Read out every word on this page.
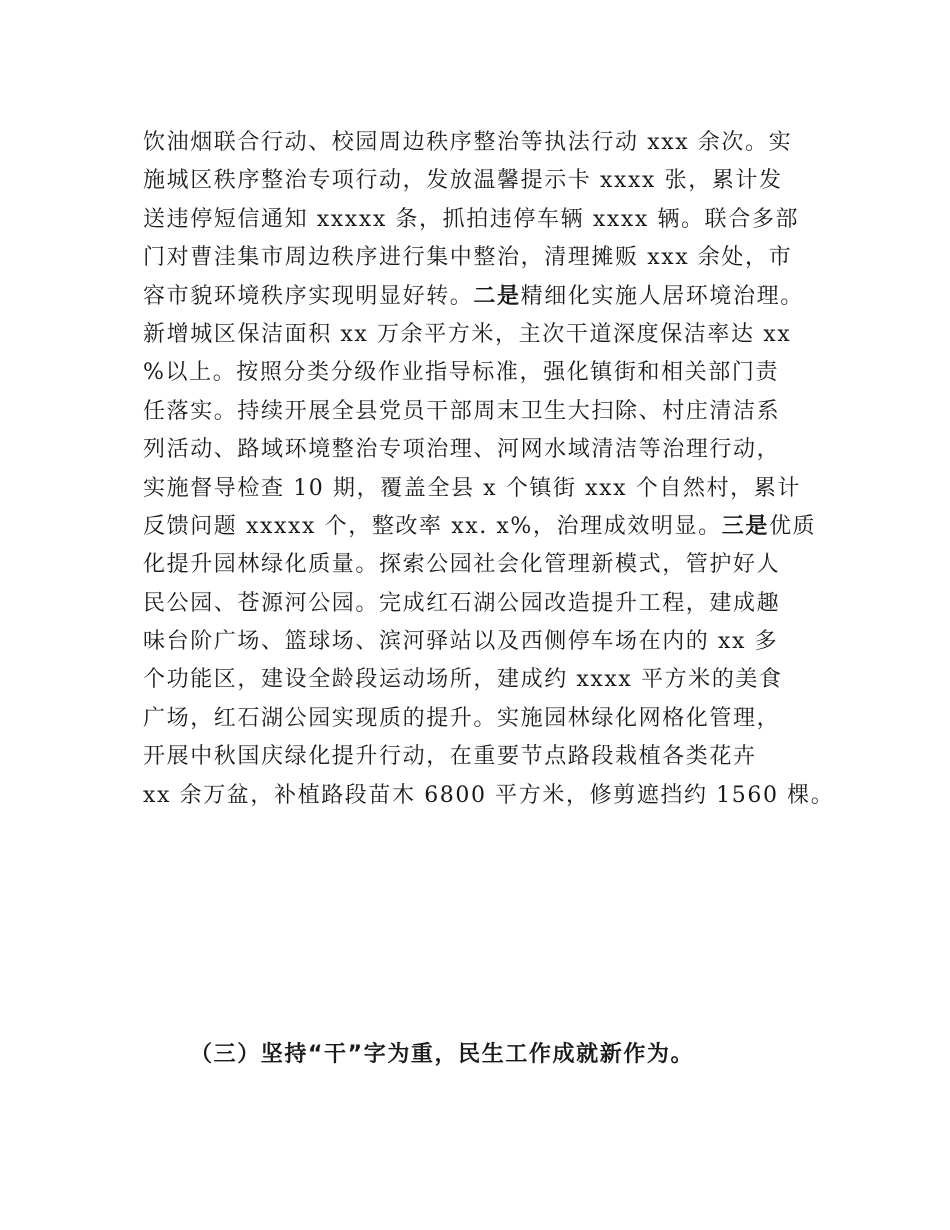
饮油烟联合行动、校园周边秩序整治等执法行动 xxx 余次。实
施城区秩序整治专项行动，发放温馨提示卡 xxxx 张，累计发
送违停短信通知 xxxxx 条，抓拍违停车辆 xxxx 辆。联合多部
门对曹洼集市周边秩序进行集中整治，清理摊贩 xxx 余处，市
容市貌环境秩序实现明显好转。二是精细化实施人居环境治理。
新增城区保洁面积 xx 万余平方米，主次干道深度保洁率达 xx
%以上。按照分类分级作业指导标准，强化镇街和相关部门责
任落实。持续开展全县党员干部周末卫生大扫除、村庄清洁系
列活动、路域环境整治专项治理、河网水域清洁等治理行动，
实施督导检查 10 期，覆盖全县 x 个镇街 xxx 个自然村，累计
反馈问题 xxxxx 个，整改率 xx. x%，治理成效明显。三是优质
化提升园林绿化质量。探索公园社会化管理新模式，管护好人
民公园、苍源河公园。完成红石湖公园改造提升工程，建成趣
味台阶广场、篮球场、滨河驿站以及西侧停车场在内的 xx 多
个功能区，建设全龄段运动场所，建成约 xxxx 平方米的美食
广场，红石湖公园实现质的提升。实施园林绿化网格化管理，
开展中秋国庆绿化提升行动，在重要节点路段栽植各类花卉
xx 余万盆，补植路段苗木 6800 平方米，修剪遮挡约 1560 棵。

（三）坚持“干”字为重，民生工作成就新作为。
